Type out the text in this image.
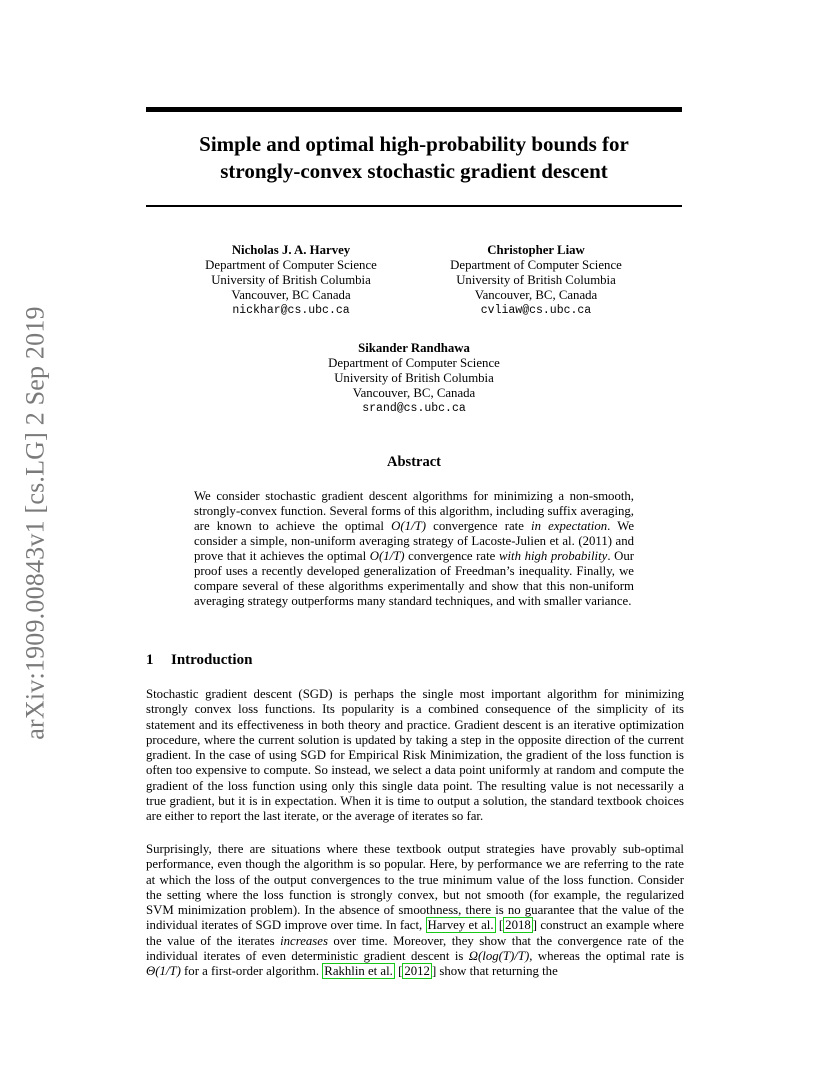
arXiv:1909.00843v1 [cs.LG] 2 Sep 2019
Simple and optimal high-probability bounds for
strongly-convex stochastic gradient descent
Nicholas J. A. Harvey
Department of Computer Science
University of British Columbia
Vancouver, BC Canada
nickhar@cs.ubc.ca
Christopher Liaw
Department of Computer Science
University of British Columbia
Vancouver, BC, Canada
cvliaw@cs.ubc.ca
Sikander Randhawa
Department of Computer Science
University of British Columbia
Vancouver, BC, Canada
srand@cs.ubc.ca
Abstract
We consider stochastic gradient descent algorithms for minimizing a non-smooth, strongly-convex function. Several forms of this algorithm, including suffix averaging, are known to achieve the optimal O(1/T) convergence rate in expectation. We consider a simple, non-uniform averaging strategy of Lacoste-Julien et al. (2011) and prove that it achieves the optimal O(1/T) convergence rate with high probability. Our proof uses a recently developed generalization of Freedman’s inequality. Finally, we compare several of these algorithms experimentally and show that this non-uniform averaging strategy outperforms many standard techniques, and with smaller variance.
1 Introduction
Stochastic gradient descent (SGD) is perhaps the single most important algorithm for minimizing strongly convex loss functions. Its popularity is a combined consequence of the simplicity of its statement and its effectiveness in both theory and practice. Gradient descent is an iterative optimization procedure, where the current solution is updated by taking a step in the opposite direction of the current gradient. In the case of using SGD for Empirical Risk Minimization, the gradient of the loss function is often too expensive to compute. So instead, we select a data point uniformly at random and compute the gradient of the loss function using only this single data point. The resulting value is not necessarily a true gradient, but it is in expectation. When it is time to output a solution, the standard textbook choices are either to report the last iterate, or the average of iterates so far.
Surprisingly, there are situations where these textbook output strategies have provably sub-optimal performance, even though the algorithm is so popular. Here, by performance we are referring to the rate at which the loss of the output convergences to the true minimum value of the loss function. Consider the setting where the loss function is strongly convex, but not smooth (for example, the regularized SVM minimization problem). In the absence of smoothness, there is no guarantee that the value of the individual iterates of SGD improve over time. In fact, Harvey et al. [ 2018 ] construct an example where the value of the iterates increases over time. Moreover, they show that the convergence rate of the individual iterates of even deterministic gradient descent is Ω(log(T)/T), whereas the optimal rate is Θ(1/T) for a first-order algorithm. Rakhlin et al. [ 2012 ] show that returning the
